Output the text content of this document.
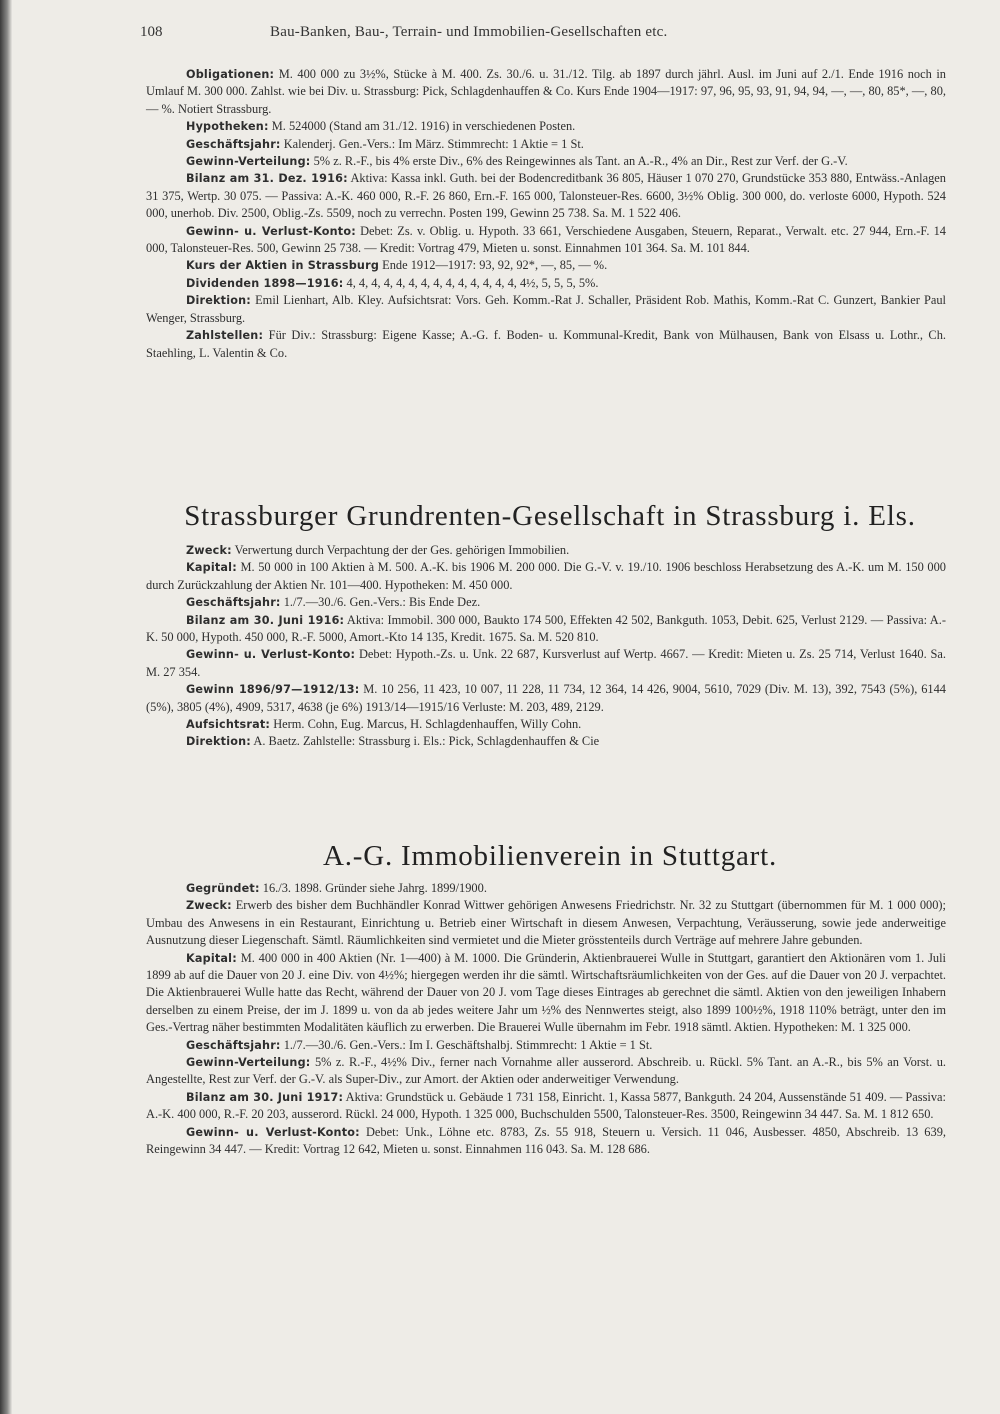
108	Bau-Banken, Bau-, Terrain- und Immobilien-Gesellschaften etc.

Obligationen: M. 400 000 zu 3½%, Stücke à M. 400. Zs. 30./6. u. 31./12. Tilg. ab 1897 durch jährl. Ausl. im Juni auf 2./1. Ende 1916 noch in Umlauf M. 300 000. Zahlst. wie bei Div. u. Strassburg: Pick, Schlagdenhauffen & Co. Kurs Ende 1904—1917: 97, 96, 95, 93, 91, 94, 94, —, —, 80, 85*, —, 80, — %. Notiert Strassburg.

Hypotheken: M. 524000 (Stand am 31./12. 1916) in verschiedenen Posten.

Geschäftsjahr: Kalenderj. Gen.-Vers.: Im März. Stimmrecht: 1 Aktie = 1 St.

Gewinn-Verteilung: 5% z. R.-F., bis 4% erste Div., 6% des Reingewinnes als Tant. an A.-R., 4% an Dir., Rest zur Verf. der G.-V.

Bilanz am 31. Dez. 1916: Aktiva: Kassa inkl. Guth. bei der Bodencreditbank 36 805, Häuser 1 070 270, Grundstücke 353 880, Entwäss.-Anlagen 31 375, Wertp. 30 075. — Passiva: A.-K. 460 000, R.-F. 26 860, Ern.-F. 165 000, Talonsteuer-Res. 6600, 3½% Oblig. 300 000, do. verloste 6000, Hypoth. 524 000, unerhob. Div. 2500, Oblig.-Zs. 5509, noch zu verrechn. Posten 199, Gewinn 25 738. Sa. M. 1 522 406.

Gewinn- u. Verlust-Konto: Debet: Zs. v. Oblig. u. Hypoth. 33 661, Verschiedene Ausgaben, Steuern, Reparat., Verwalt. etc. 27 944, Ern.-F. 14 000, Talonsteuer-Res. 500, Gewinn 25 738. — Kredit: Vortrag 479, Mieten u. sonst. Einnahmen 101 364. Sa. M. 101 844.

Kurs der Aktien in Strassburg Ende 1912—1917: 93, 92, 92*, —, 85, — %.

Dividenden 1898—1916: 4, 4, 4, 4, 4, 4, 4, 4, 4, 4, 4, 4, 4, 4, 4½, 5, 5, 5, 5%.

Direktion: Emil Lienhart, Alb. Kley. Aufsichtsrat: Vors. Geh. Komm.-Rat J. Schaller, Präsident Rob. Mathis, Komm.-Rat C. Gunzert, Bankier Paul Wenger, Strassburg.

Zahlstellen: Für Div.: Strassburg: Eigene Kasse; A.-G. f. Boden- u. Kommunal-Kredit, Bank von Mülhausen, Bank von Elsass u. Lothr., Ch. Staehling, L. Valentin & Co.

Strassburger Grundrenten-Gesellschaft in Strassburg i. Els.

Zweck: Verwertung durch Verpachtung der der Ges. gehörigen Immobilien.

Kapital: M. 50 000 in 100 Aktien à M. 500. A.-K. bis 1906 M. 200 000. Die G.-V. v. 19./10. 1906 beschloss Herabsetzung des A.-K. um M. 150 000 durch Zurückzahlung der Aktien Nr. 101—400. Hypotheken: M. 450 000.

Geschäftsjahr: 1./7.—30./6. Gen.-Vers.: Bis Ende Dez.

Bilanz am 30. Juni 1916: Aktiva: Immobil. 300 000, Baukto 174 500, Effekten 42 502, Bankguth. 1053, Debit. 625, Verlust 2129. — Passiva: A.-K. 50 000, Hypoth. 450 000, R.-F. 5000, Amort.-Kto 14 135, Kredit. 1675. Sa. M. 520 810.

Gewinn- u. Verlust-Konto: Debet: Hypoth.-Zs. u. Unk. 22 687, Kursverlust auf Wertp. 4667. — Kredit: Mieten u. Zs. 25 714, Verlust 1640. Sa. M. 27 354.

Gewinn 1896/97—1912/13: M. 10 256, 11 423, 10 007, 11 228, 11 734, 12 364, 14 426, 9004, 5610, 7029 (Div. M. 13), 392, 7543 (5%), 6144 (5%), 3805 (4%), 4909, 5317, 4638 (je 6%) 1913/14—1915/16 Verluste: M. 203, 489, 2129.

Aufsichtsrat: Herm. Cohn, Eug. Marcus, H. Schlagdenhauffen, Willy Cohn.

Direktion: A. Baetz. Zahlstelle: Strassburg i. Els.: Pick, Schlagdenhauffen & Cie

A.-G. Immobilienverein in Stuttgart.

Gegründet: 16./3. 1898. Gründer siehe Jahrg. 1899/1900.

Zweck: Erwerb des bisher dem Buchhändler Konrad Wittwer gehörigen Anwesens Friedrichstr. Nr. 32 zu Stuttgart (übernommen für M. 1 000 000); Umbau des Anwesens in ein Restaurant, Einrichtung u. Betrieb einer Wirtschaft in diesem Anwesen, Verpachtung, Veräusserung, sowie jede anderweitige Ausnutzung dieser Liegenschaft. Sämtl. Räumlichkeiten sind vermietet und die Mieter grösstenteils durch Verträge auf mehrere Jahre gebunden.

Kapital: M. 400 000 in 400 Aktien (Nr. 1—400) à M. 1000. Die Gründerin, Aktienbrauerei Wulle in Stuttgart, garantiert den Aktionären vom 1. Juli 1899 ab auf die Dauer von 20 J. eine Div. von 4½%; hiergegen werden ihr die sämtl. Wirtschaftsräumlichkeiten von der Ges. auf die Dauer von 20 J. verpachtet. Die Aktienbrauerei Wulle hatte das Recht, während der Dauer von 20 J. vom Tage dieses Eintrages ab gerechnet die sämtl. Aktien von den jeweiligen Inhabern derselben zu einem Preise, der im J. 1899 u. von da ab jedes weitere Jahr um ½% des Nennwertes steigt, also 1899 100½%, 1918 110% beträgt, unter den im Ges.-Vertrag näher bestimmten Modalitäten käuflich zu erwerben. Die Brauerei Wulle übernahm im Febr. 1918 sämtl. Aktien. Hypotheken: M. 1 325 000.

Geschäftsjahr: 1./7.—30./6. Gen.-Vers.: Im I. Geschäftshalbj. Stimmrecht: 1 Aktie = 1 St.

Gewinn-Verteilung: 5% z. R.-F., 4½% Div., ferner nach Vornahme aller ausserord. Abschreib. u. Rückl. 5% Tant. an A.-R., bis 5% an Vorst. u. Angestellte, Rest zur Verf. der G.-V. als Super-Div., zur Amort. der Aktien oder anderweitiger Verwendung.

Bilanz am 30. Juni 1917: Aktiva: Grundstück u. Gebäude 1 731 158, Einricht. 1, Kassa 5877, Bankguth. 24 204, Aussenstände 51 409. — Passiva: A.-K. 400 000, R.-F. 20 203, ausserord. Rückl. 24 000, Hypoth. 1 325 000, Buchschulden 5500, Talonsteuer-Res. 3500, Reingewinn 34 447. Sa. M. 1 812 650.

Gewinn- u. Verlust-Konto: Debet: Unk., Löhne etc. 8783, Zs. 55 918, Steuern u. Versich. 11 046, Ausbesser. 4850, Abschreib. 13 639, Reingewinn 34 447. — Kredit: Vortrag 12 642, Mieten u. sonst. Einnahmen 116 043. Sa. M. 128 686.
